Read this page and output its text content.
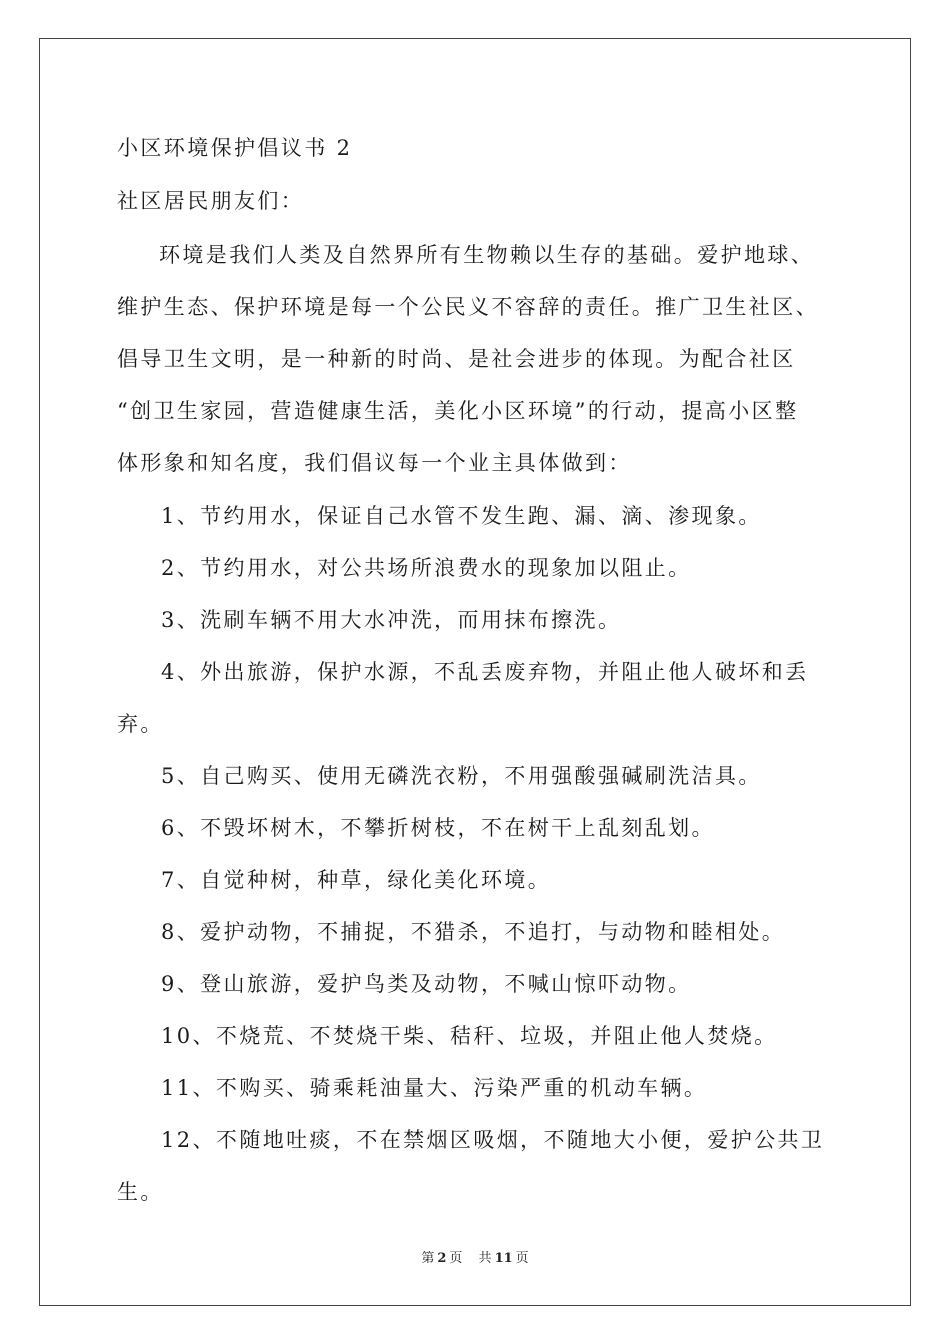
小区环境保护倡议书 2

社区居民朋友们：

环境是我们人类及自然界所有生物赖以生存的基础。爱护地球、

维护生态、保护环境是每一个公民义不容辞的责任。推广卫生社区、

倡导卫生文明，是一种新的时尚、是社会进步的体现。为配合社区

“创卫生家园，营造健康生活，美化小区环境”的行动，提高小区整

体形象和知名度，我们倡议每一个业主具体做到：

1、节约用水，保证自己水管不发生跑、漏、滴、渗现象。

2、节约用水，对公共场所浪费水的现象加以阻止。

3、洗刷车辆不用大水冲洗，而用抹布擦洗。

4、外出旅游，保护水源，不乱丢废弃物，并阻止他人破坏和丢

弃。

5、自己购买、使用无磷洗衣粉，不用强酸强碱刷洗洁具。

6、不毁坏树木，不攀折树枝，不在树干上乱刻乱划。

7、自觉种树，种草，绿化美化环境。

8、爱护动物，不捕捉，不猎杀，不追打，与动物和睦相处。

9、登山旅游，爱护鸟类及动物，不喊山惊吓动物。

10、不烧荒、不焚烧干柴、秸秆、垃圾，并阻止他人焚烧。

11、不购买、骑乘耗油量大、污染严重的机动车辆。

12、不随地吐痰，不在禁烟区吸烟，不随地大小便，爱护公共卫

生。

第 2 页 共 11 页
